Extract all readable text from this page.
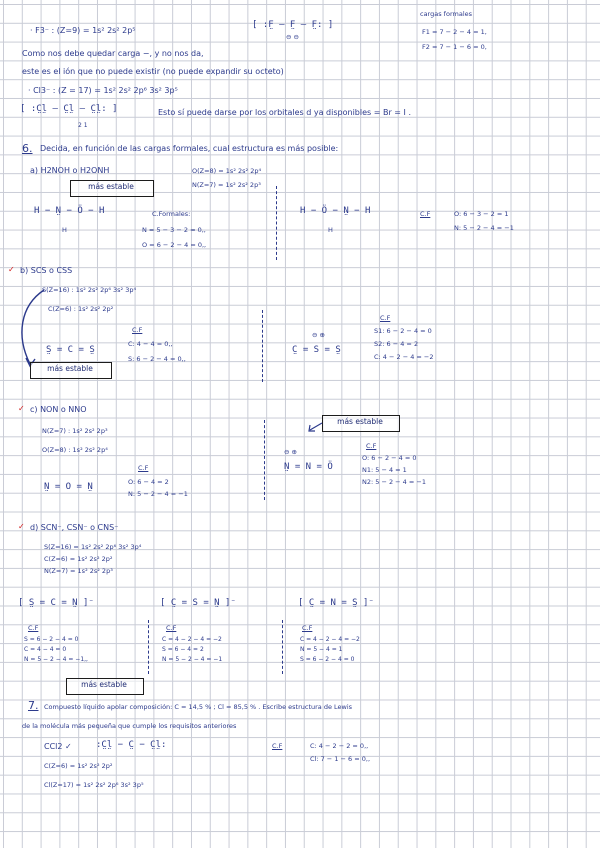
· F3⁻ : (Z=9) = 1s² 2s² 2p⁵
[ :F̤ — F̤ — F̤: ]
⊖ ⊖
cargas formales
F1 = 7 − 2 − 4 = 1,
F2 = 7 − 1 − 6 = 0,
Como nos debe quedar carga −, y no nos da,
este es el ión que no puede existir (no puede expandir su octeto)
· Cl3⁻ : (Z = 17) = 1s² 2s² 2p⁶ 3s² 3p⁵
[ :C̤l̤ — C̤l̤ — C̤l̤: ]	Esto sí puede darse por los orbitales d ya disponibles = Br = I .
2 1
6. Decida, en función de las cargas formales, cual estructura es más posible:
a) H2NOH o H2ONH
más estable
H − N̤ − Ö − H
H
O(Z=8) = 1s² 2s² 2p⁴
N(Z=7) = 1s² 2s² 2p³
C.Formales:
N = 5 − 3 − 2 = 0,,
O = 6 − 2 − 4 = 0,,
H − Ö − N̤ − H
H
C.F	O: 6 − 3 − 2 = 1
N: 5 − 2 − 4 = −1
✓ b) SCS o CSS
S(Z=16) : 1s² 2s² 2p⁶ 3s² 3p⁴
C(Z=6) : 1s² 2s² 2p²
C.F
S̤ = C = S̤
C: 4 − 4 = 0,,
S: 6 − 2 − 4 = 0,,
más estable
⊖ ⊕
C̤ = S = S̤
C.F
S1: 6 − 2 − 4 = 0
S2: 6 − 4 = 2
C: 4 − 2 − 4 = −2
✓ c) NON o NNO
N(Z=7) : 1s² 2s² 2p³
O(Z=8) : 1s² 2s² 2p⁴
C.F
N̤ = O = N̤	O: 6 − 4 = 2
N: 5 − 2 − 4 = −1
más estable
⊖ ⊕
N̤ = N = Ö
C.F
O: 6 − 2 − 4 = 0
N1: 5 − 4 = 1
N2: 5 − 2 − 4 = −1
✓ d) SCN⁻, CSN⁻ o CNS⁻
S(Z=16) = 1s² 2s² 2p⁶ 3s² 3p⁴
C(Z=6) = 1s² 2s² 2p²
N(Z=7) = 1s² 2s² 2p³
[ S̤ = C = N̤ ]⁻	[ C̤ = S = N̤ ]⁻	[ C̤ = N = S̤ ]⁻
C.F
S = 6 − 2 − 4 = 0
C = 4 − 4 = 0
N = 5 − 2 − 4 = −1,,
C.F
C = 4 − 2 − 4 = −2
S = 6 − 4 = 2
N = 5 − 2 − 4 = −1
C.F
C = 4 − 2 − 4 = −2
N = 5 − 4 = 1
S = 6 − 2 − 4 = 0
más estable
7. Compuesto líquido apolar composición: C = 14,5 % ; Cl = 85,5 % . Escribe estructura de Lewis
de la molécula más pequeña que cumple los requisitos anteriores
CCl2 ✓	:C̤l̤ − C̤ − C̤l̤:	C.F	C: 4 − 2 − 2 = 0,,
Cl: 7 − 1 − 6 = 0,,
C(Z=6) = 1s² 2s² 2p²
Cl(Z=17) = 1s² 2s² 2p⁶ 3s² 3p⁵
